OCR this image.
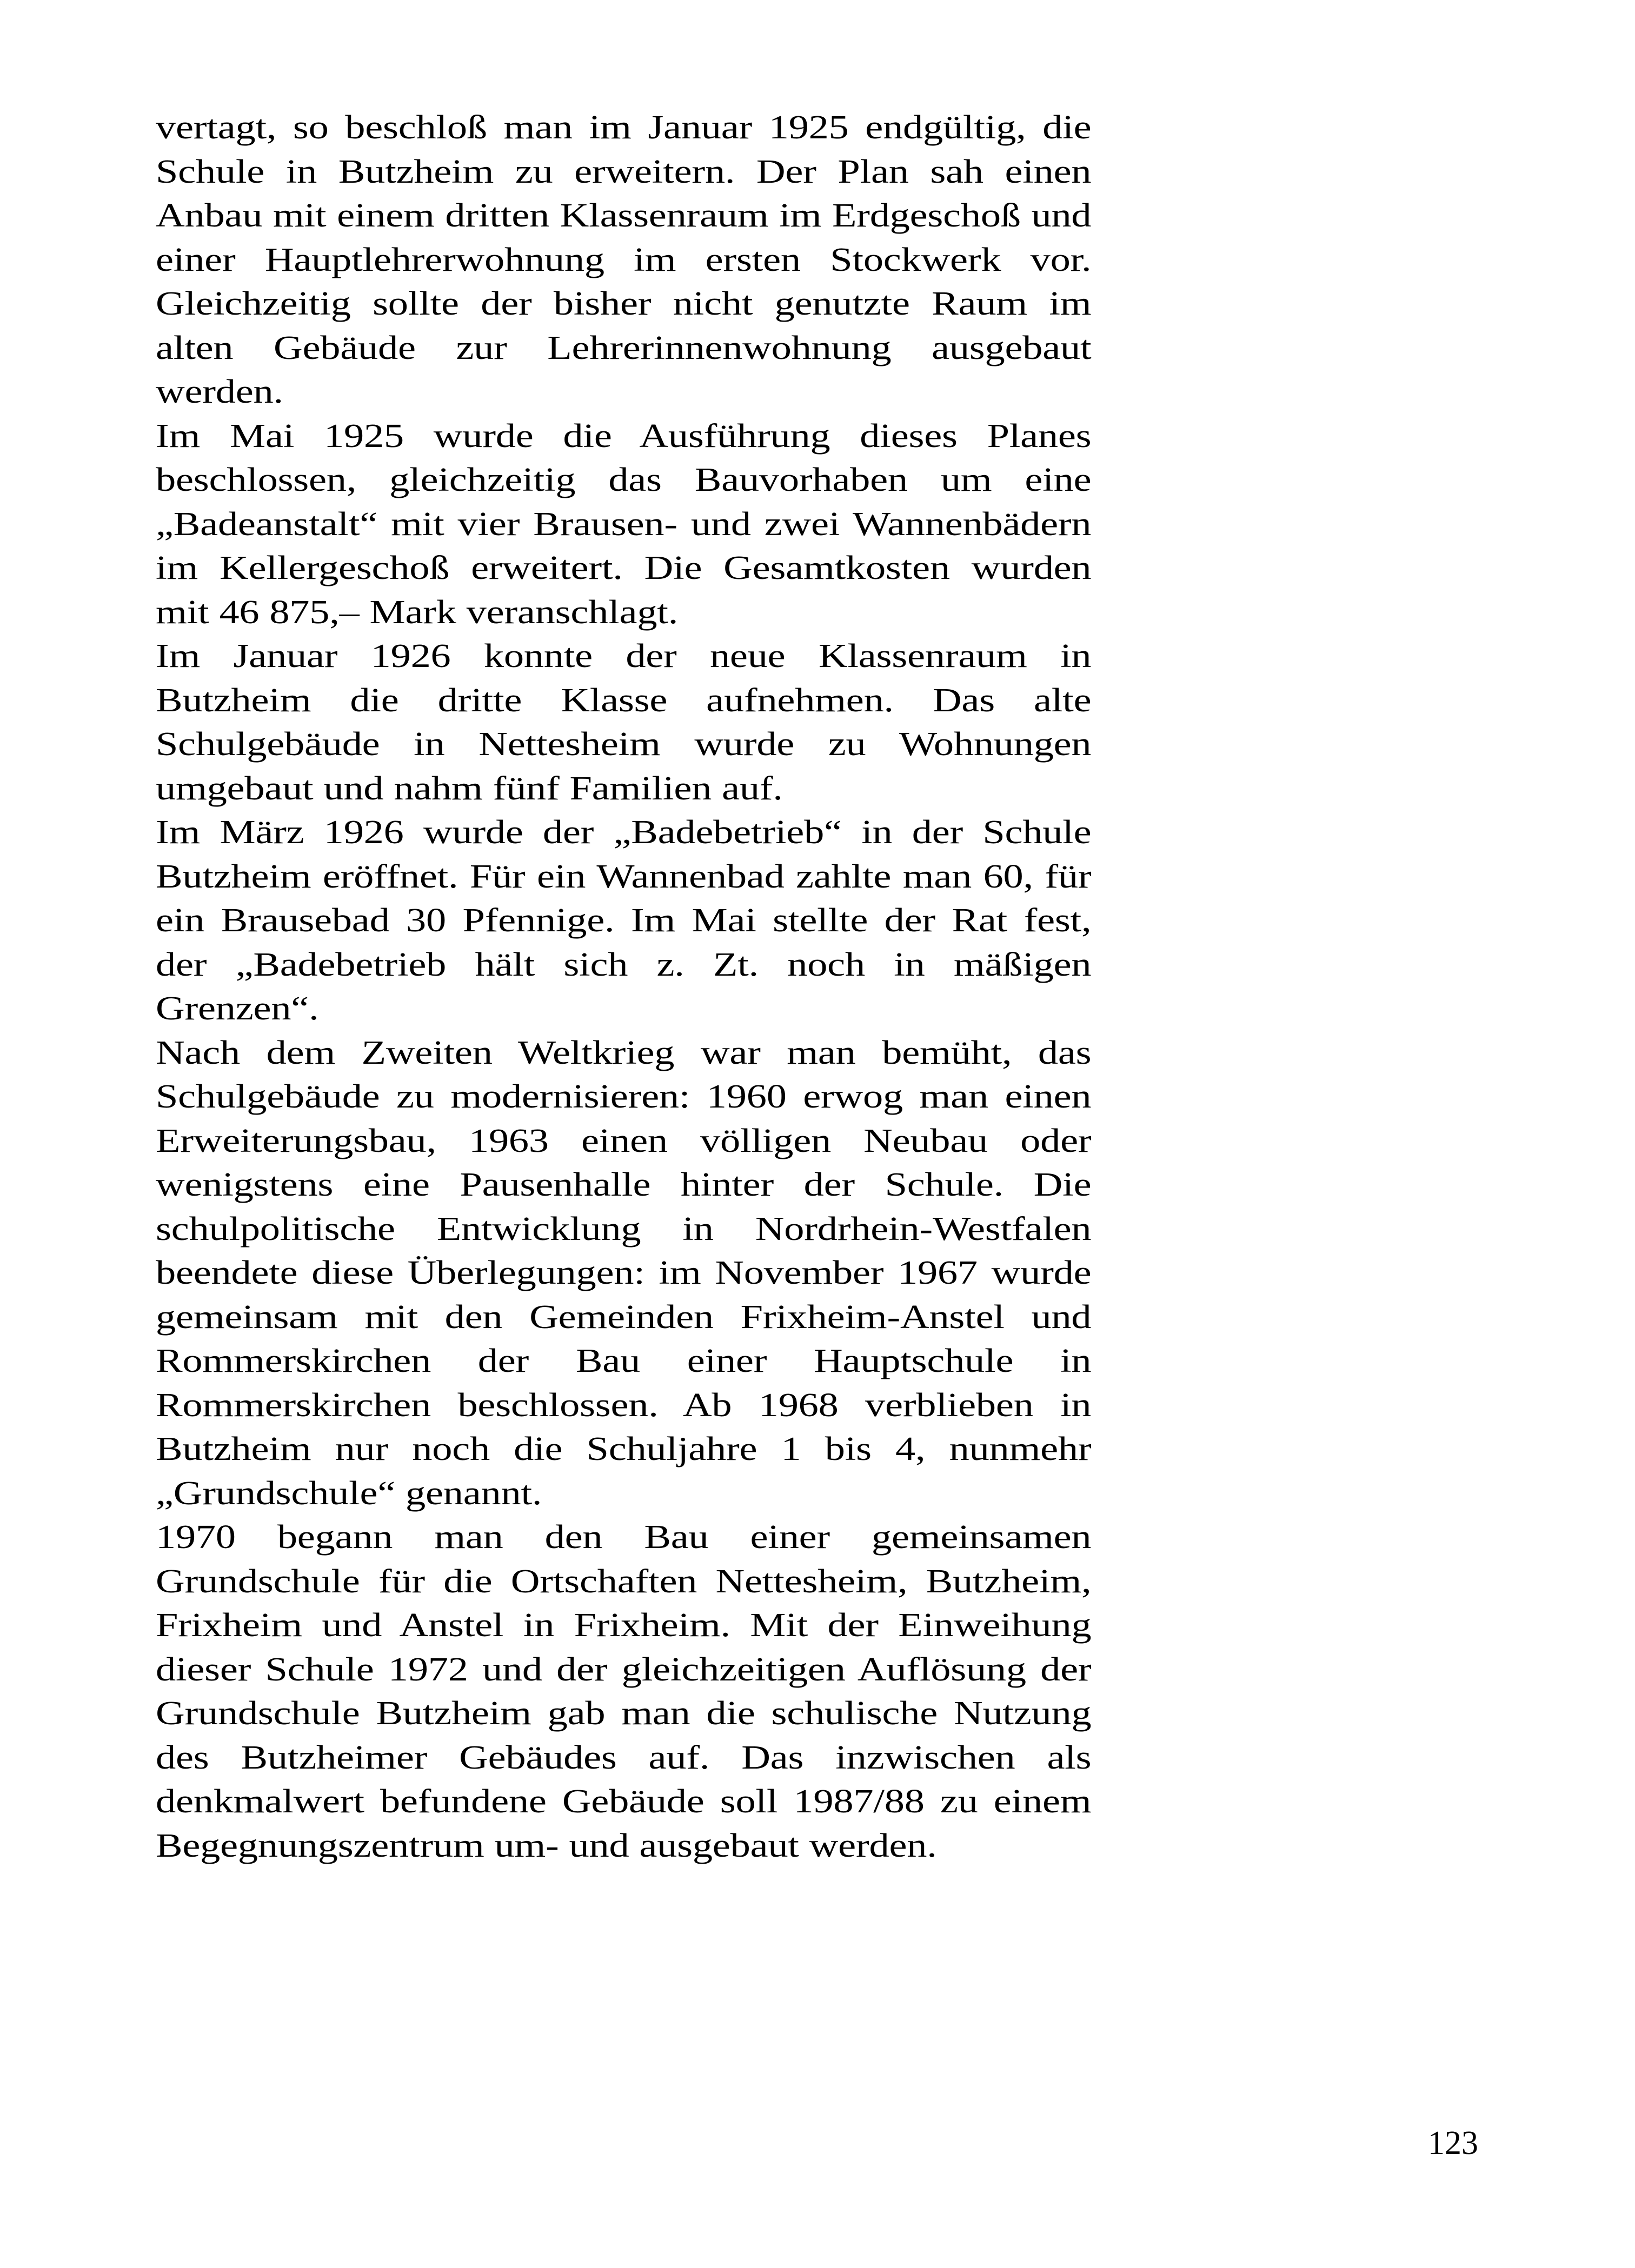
vertagt, so beschloß man im Januar 1925 endgültig, die Schule in Butzheim zu erweitern. Der Plan sah einen Anbau mit einem dritten Klassenraum im Erdgeschoß und einer Hauptlehrerwohnung im ersten Stockwerk vor. Gleichzeitig sollte der bisher nicht genutzte Raum im alten Gebäude zur Lehrerinnenwohnung ausgebaut werden.

Im Mai 1925 wurde die Ausführung dieses Planes beschlossen, gleichzeitig das Bauvorhaben um eine „Badeanstalt“ mit vier Brausen- und zwei Wannenbädern im Kellergeschoß erweitert. Die Gesamtkosten wurden mit 46 875,– Mark veranschlagt.

Im Januar 1926 konnte der neue Klassenraum in Butzheim die dritte Klasse aufnehmen. Das alte Schulgebäude in Nettesheim wurde zu Wohnungen umgebaut und nahm fünf Familien auf.

Im März 1926 wurde der „Badebetrieb“ in der Schule Butzheim eröffnet. Für ein Wannenbad zahlte man 60, für ein Brausebad 30 Pfennige. Im Mai stellte der Rat fest, der „Badebetrieb hält sich z. Zt. noch in mäßigen Grenzen“.

Nach dem Zweiten Weltkrieg war man bemüht, das Schulgebäude zu modernisieren: 1960 erwog man einen Erweiterungsbau, 1963 einen völligen Neubau oder wenigstens eine Pausenhalle hinter der Schule. Die schulpolitische Entwicklung in Nordrhein-Westfalen beendete diese Überlegungen: im November 1967 wurde gemeinsam mit den Gemeinden Frixheim-Anstel und Rommerskirchen der Bau einer Hauptschule in Rommerskirchen beschlossen. Ab 1968 verblieben in Butzheim nur noch die Schuljahre 1 bis 4, nunmehr „Grundschule“ genannt.

1970 begann man den Bau einer gemeinsamen Grundschule für die Ortschaften Nettesheim, Butzheim, Frixheim und Anstel in Frixheim. Mit der Einweihung dieser Schule 1972 und der gleichzeitigen Auflösung der Grundschule Butzheim gab man die schulische Nutzung des Butzheimer Gebäudes auf. Das inzwischen als denkmalwert befundene Gebäude soll 1987/88 zu einem Begegnungszentrum um- und ausgebaut werden.

123
